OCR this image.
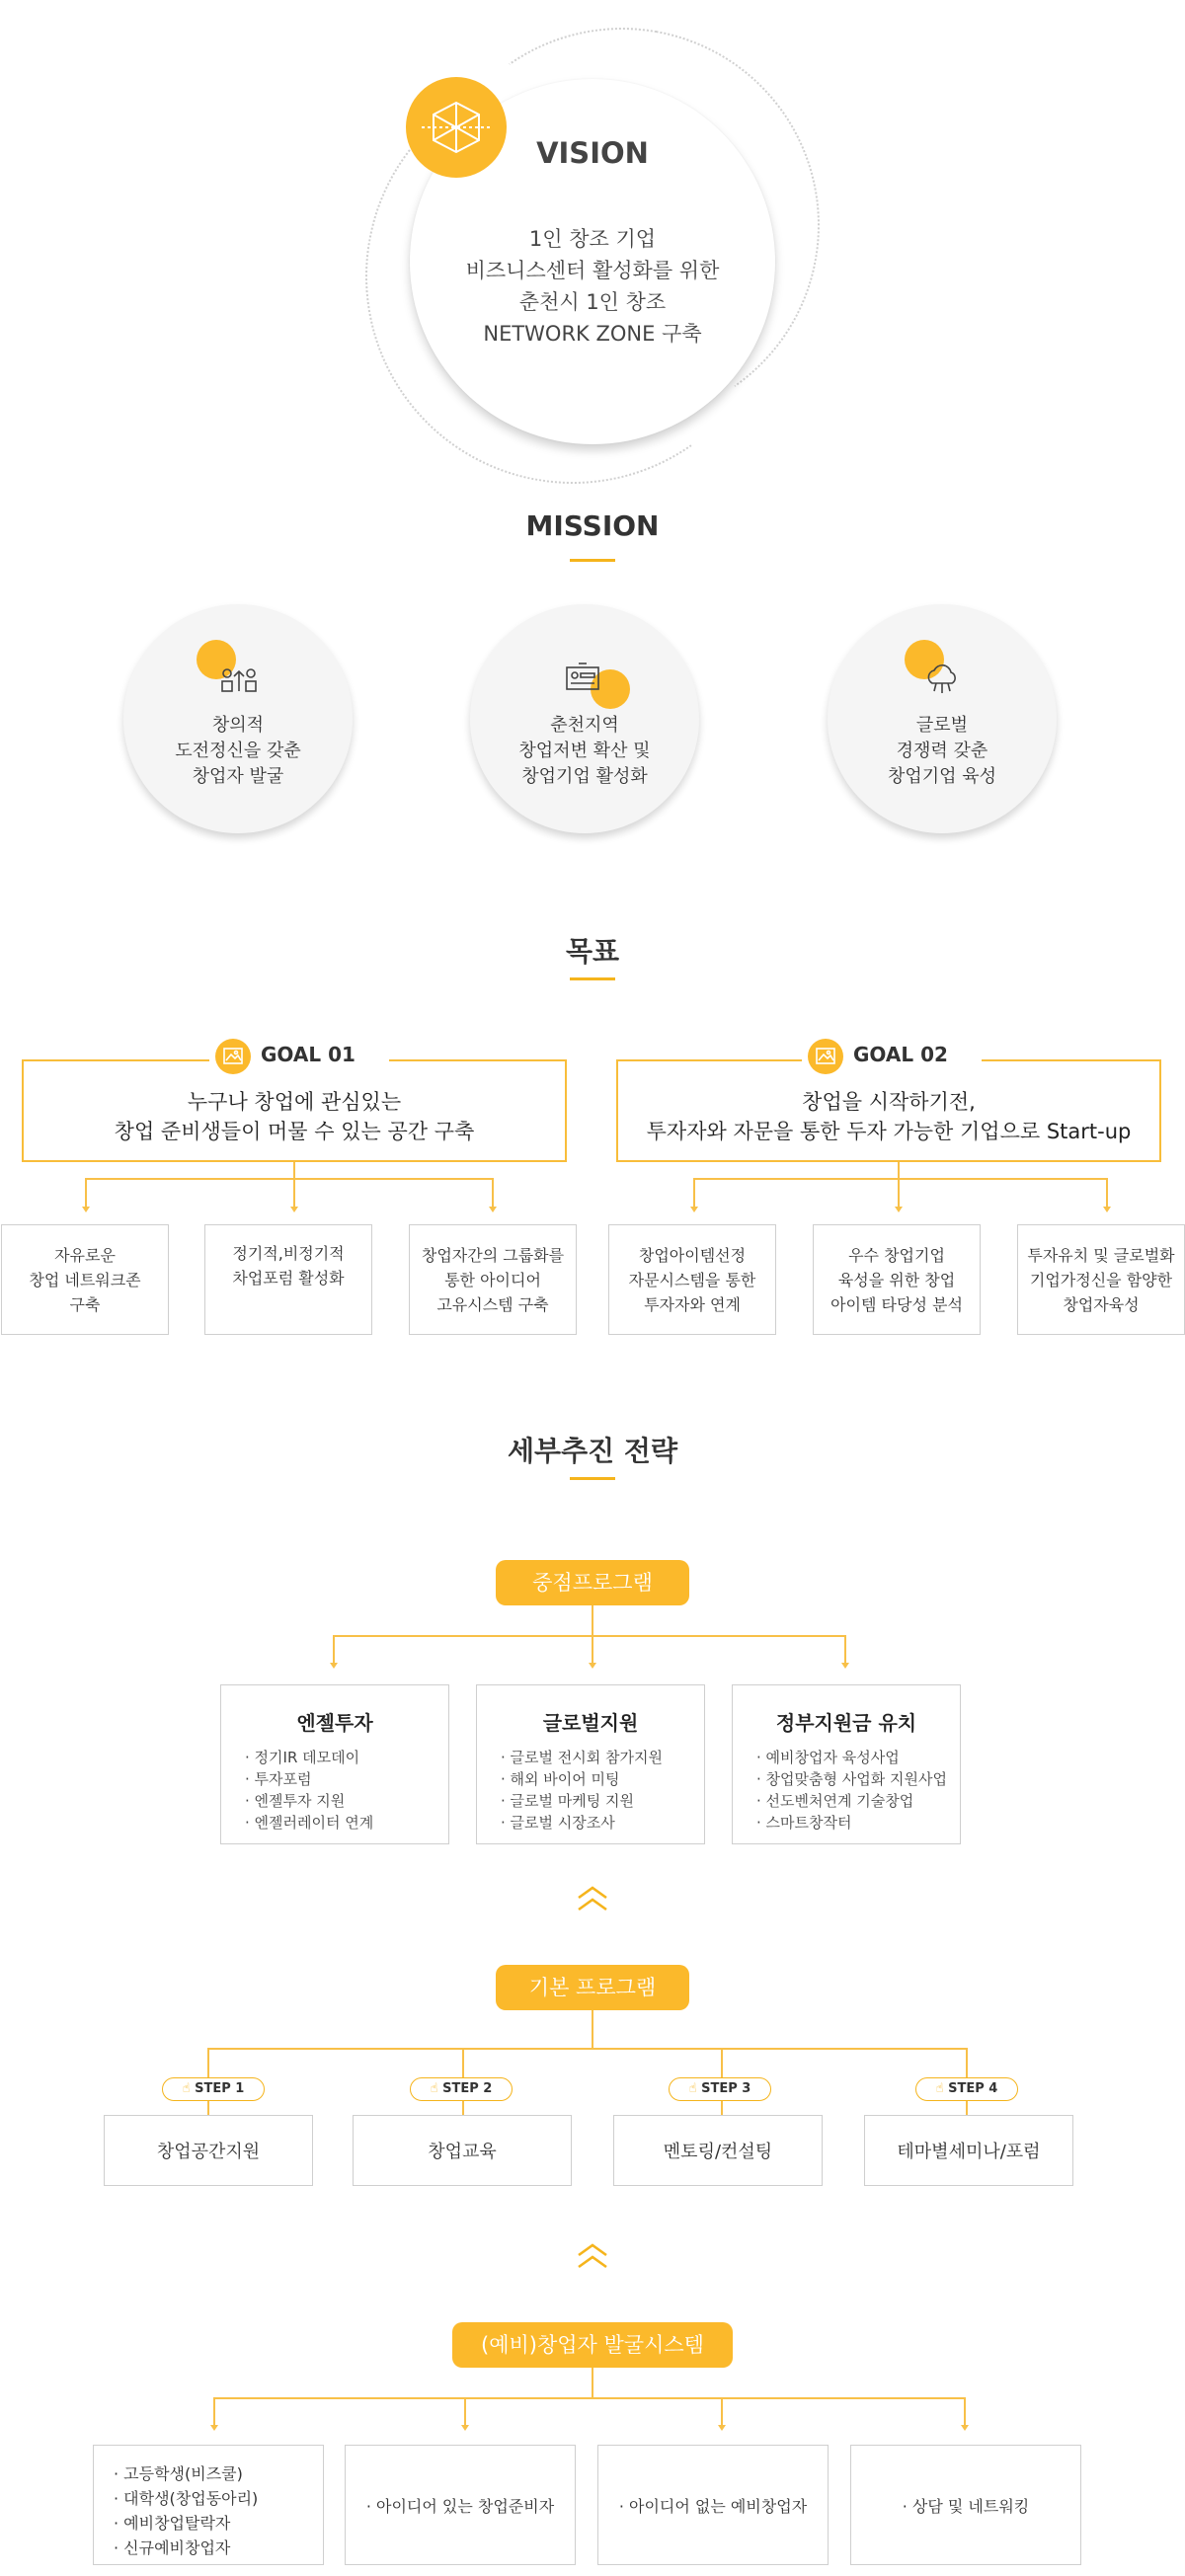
VISION
1인 창조 기업
비즈니스센터 활성화를 위한
춘천시 1인 창조
NETWORK ZONE 구축
MISSION
창의적
도전정신을 갖춘
창업자 발굴
춘천지역
창업저변 확산 및
창업기업 활성화
글로벌
경쟁력 갖춘
창업기업 육성
목표
누구나 창업에 관심있는
창업 준비생들이 머물 수 있는 공간 구축
GOAL 01
창업을 시작하기전,
투자자와 자문을 통한 두자 가능한 기업으로 Start-up
GOAL 02
자유로운
창업 네트워크존
구축
정기적,비정기적
차업포럼 활성화
창업자간의 그룹화를
통한 아이디어
고유시스템 구축
창업아이템선정
자문시스템을 통한
투자자와 연계
우수 창업기업
육성을 위한 창업
아이템 타당성 분석
투자유치 및 글로벌화
기업가정신을 함양한
창업자육성
세부추진 전략
중점프로그램
엔젤투자
· 정기IR 데모데이
· 투자포럼
· 엔젤투자 지원
· 엔젤러레이터 연계
글로벌지원
· 글로벌 전시회 참가지원
· 해외 바이어 미팅
· 글로벌 마케팅 지원
· 글로벌 시장조사
정부지원금 유치
· 예비창업자 육성사업
· 창업맞춤형 사업화 지원사업
· 선도벤처연계 기술창업
· 스마트창작터
기본 프로그램
☝ STEP 1	☝ STEP 2	☝ STEP 3	☝ STEP 4
창업공간지원	창업교육	멘토링/컨설팅	테마별세미나/포럼
(예비)창업자 발굴시스템
· 고등학생(비즈쿨)
· 대학생(창업동아리)
· 예비창업탈락자
· 신규예비창업자
· 아이디어 있는 창업준비자	· 아이디어 없는 예비창업자	· 상담 및 네트워킹
